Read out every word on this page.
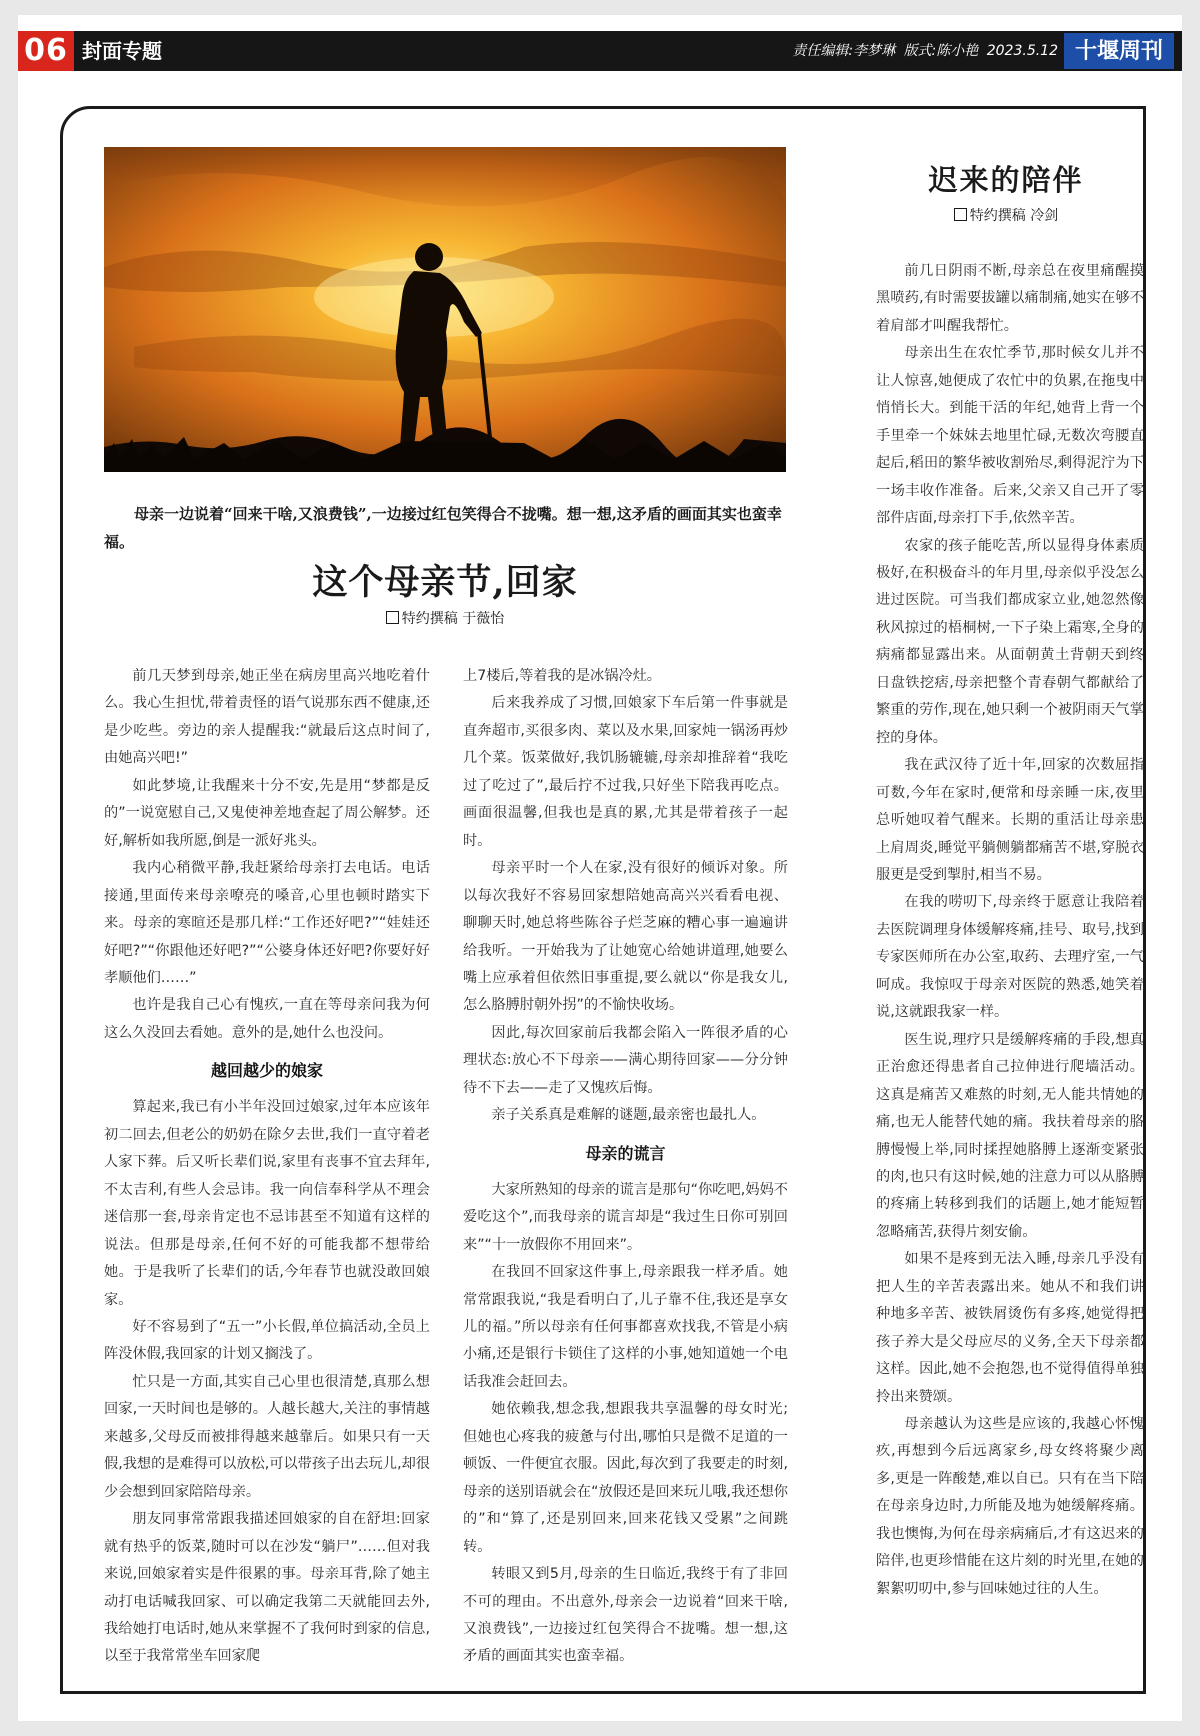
06 封面专题	责任编辑:李梦琳 版式:陈小艳 2023.5.12 十堰周刊
母亲一边说着“回来干啥,又浪费钱”,一边接过红包笑得合不拢嘴。想一想,这矛盾的画面其实也蛮幸福。
这个母亲节,回家
特约撰稿 于薇怡
迟来的陪伴
特约撰稿 冷剑

前几天梦到母亲,她正坐在病房里高兴地吃着什么。我心生担忧,带着责怪的语气说那东西不健康,还是少吃些。旁边的亲人提醒我:“就最后这点时间了,由她高兴吧!”

如此梦境,让我醒来十分不安,先是用“梦都是反的”一说宽慰自己,又鬼使神差地查起了周公解梦。还好,解析如我所愿,倒是一派好兆头。

我内心稍微平静,我赶紧给母亲打去电话。电话接通,里面传来母亲嘹亮的嗓音,心里也顿时踏实下来。母亲的寒暄还是那几样:“工作还好吧?”“娃娃还好吧?”“你跟他还好吧?”“公婆身体还好吧?你要好好孝顺他们……”

也许是我自己心有愧疚,一直在等母亲问我为何这么久没回去看她。意外的是,她什么也没问。

越回越少的娘家

算起来,我已有小半年没回过娘家,过年本应该年初二回去,但老公的奶奶在除夕去世,我们一直守着老人家下葬。后又听长辈们说,家里有丧事不宜去拜年,不太吉利,有些人会忌讳。我一向信奉科学从不理会迷信那一套,母亲肯定也不忌讳甚至不知道有这样的说法。但那是母亲,任何不好的可能我都不想带给她。于是我听了长辈们的话,今年春节也就没敢回娘家。

好不容易到了“五一”小长假,单位搞活动,全员上阵没休假,我回家的计划又搁浅了。

忙只是一方面,其实自己心里也很清楚,真那么想回家,一天时间也是够的。人越长越大,关注的事情越来越多,父母反而被排得越来越靠后。如果只有一天假,我想的是难得可以放松,可以带孩子出去玩儿,却很少会想到回家陪陪母亲。

朋友同事常常跟我描述回娘家的自在舒坦:回家就有热乎的饭菜,随时可以在沙发“躺尸”……但对我来说,回娘家着实是件很累的事。母亲耳背,除了她主动打电话喊我回家、可以确定我第二天就能回去外,我给她打电话时,她从来掌握不了我何时到家的信息,以至于我常常坐车回家爬

上7楼后,等着我的是冰锅冷灶。

后来我养成了习惯,回娘家下车后第一件事就是直奔超市,买很多肉、菜以及水果,回家炖一锅汤再炒几个菜。饭菜做好,我饥肠辘辘,母亲却推辞着“我吃过了吃过了”,最后拧不过我,只好坐下陪我再吃点。画面很温馨,但我也是真的累,尤其是带着孩子一起时。

母亲平时一个人在家,没有很好的倾诉对象。所以每次我好不容易回家想陪她高高兴兴看看电视、聊聊天时,她总将些陈谷子烂芝麻的糟心事一遍遍讲给我听。一开始我为了让她宽心给她讲道理,她要么嘴上应承着但依然旧事重提,要么就以“你是我女儿,怎么胳膊肘朝外拐”的不愉快收场。

因此,每次回家前后我都会陷入一阵很矛盾的心理状态:放心不下母亲——满心期待回家——分分钟待不下去——走了又愧疚后悔。

亲子关系真是难解的谜题,最亲密也最扎人。

母亲的谎言

大家所熟知的母亲的谎言是那句“你吃吧,妈妈不爱吃这个”,而我母亲的谎言却是“我过生日你可别回来”“十一放假你不用回来”。

在我回不回家这件事上,母亲跟我一样矛盾。她常常跟我说,“我是看明白了,儿子靠不住,我还是享女儿的福。”所以母亲有任何事都喜欢找我,不管是小病小痛,还是银行卡锁住了这样的小事,她知道她一个电话我准会赶回去。

她依赖我,想念我,想跟我共享温馨的母女时光;但她也心疼我的疲惫与付出,哪怕只是微不足道的一顿饭、一件便宜衣服。因此,每次到了我要走的时刻,母亲的送别语就会在“放假还是回来玩儿哦,我还想你的”和“算了,还是别回来,回来花钱又受累”之间跳转。

转眼又到5月,母亲的生日临近,我终于有了非回不可的理由。不出意外,母亲会一边说着“回来干啥,又浪费钱”,一边接过红包笑得合不拢嘴。想一想,这矛盾的画面其实也蛮幸福。

前几日阴雨不断,母亲总在夜里痛醒摸黑喷药,有时需要拔罐以痛制痛,她实在够不着肩部才叫醒我帮忙。

母亲出生在农忙季节,那时候女儿并不让人惊喜,她便成了农忙中的负累,在拖曳中悄悄长大。到能干活的年纪,她背上背一个手里牵一个妹妹去地里忙碌,无数次弯腰直起后,稻田的繁华被收割殆尽,剩得泥泞为下一场丰收作准备。后来,父亲又自己开了零部件店面,母亲打下手,依然辛苦。

农家的孩子能吃苦,所以显得身体素质极好,在积极奋斗的年月里,母亲似乎没怎么进过医院。可当我们都成家立业,她忽然像秋风掠过的梧桐树,一下子染上霜寒,全身的病痛都显露出来。从面朝黄土背朝天到终日盘铁挖痞,母亲把整个青春朝气都献给了繁重的劳作,现在,她只剩一个被阴雨天气掌控的身体。

我在武汉待了近十年,回家的次数屈指可数,今年在家时,便常和母亲睡一床,夜里总听她叹着气醒来。长期的重活让母亲患上肩周炎,睡觉平躺侧躺都痛苦不堪,穿脱衣服更是受到掣肘,相当不易。

在我的唠叨下,母亲终于愿意让我陪着去医院调理身体缓解疼痛,挂号、取号,找到专家医师所在办公室,取药、去理疗室,一气呵成。我惊叹于母亲对医院的熟悉,她笑着说,这就跟我家一样。

医生说,理疗只是缓解疼痛的手段,想真正治愈还得患者自己拉伸进行爬墙活动。这真是痛苦又难熬的时刻,无人能共情她的痛,也无人能替代她的痛。我扶着母亲的胳膊慢慢上举,同时揉捏她胳膊上逐渐变紧张的肉,也只有这时候,她的注意力可以从胳膊的疼痛上转移到我们的话题上,她才能短暂忽略痛苦,获得片刻安偷。

如果不是疼到无法入睡,母亲几乎没有把人生的辛苦表露出来。她从不和我们讲种地多辛苦、被铁屑烫伤有多疼,她觉得把孩子养大是父母应尽的义务,全天下母亲都这样。因此,她不会抱怨,也不觉得值得单独拎出来赞颂。

母亲越认为这些是应该的,我越心怀愧疚,再想到今后远离家乡,母女终将聚少离多,更是一阵酸楚,难以自已。只有在当下陪在母亲身边时,力所能及地为她缓解疼痛。我也懊悔,为何在母亲病痛后,才有这迟来的陪伴,也更珍惜能在这片刻的时光里,在她的絮絮叨叨中,参与回味她过往的人生。
